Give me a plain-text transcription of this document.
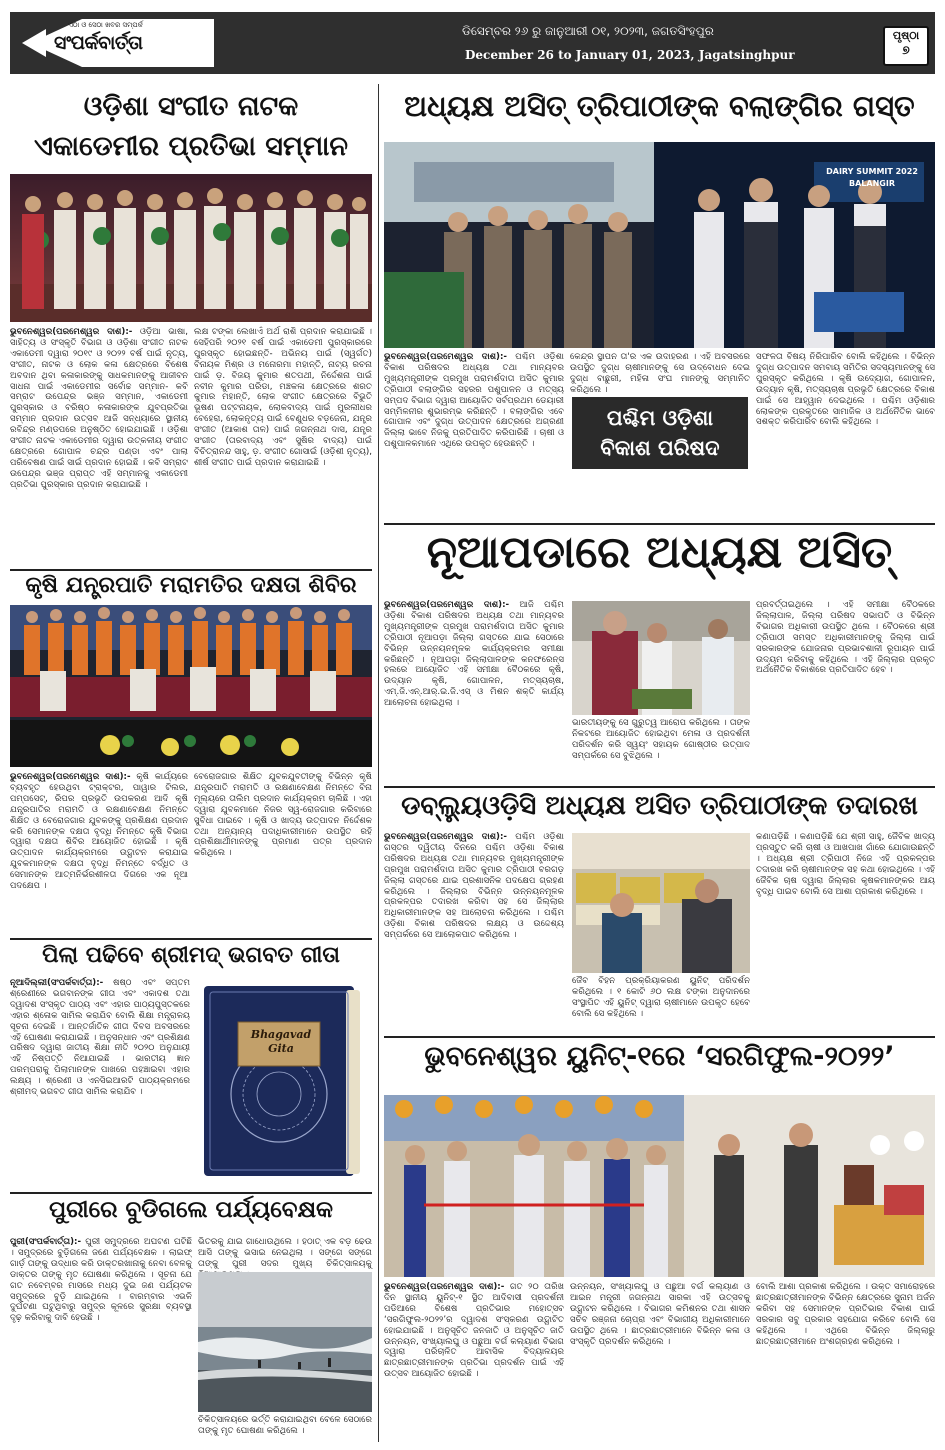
ଏଠା ଓ ସେଠା ଖବର ସମ୍ପର୍କ
ସଂପର୍କବାର୍ତ୍ତା
ଡିସେମ୍ବର ୨୬ ରୁ ଜାନୁଆରୀ ୦୧, ୨୦୨୩, ଜଗତସିଂହପୁର
December 26 to January 01, 2023, Jagatsinghpur
ପୃଷ୍ଠା
୭
ଓଡ଼ିଶା ସଂଗୀତ ନାଟକ
ଏକାଡେମୀର ପ୍ରତିଭା ସମ୍ମାନ
ଭୁବନେଶ୍ୱର(ପରମେଶ୍ୱର ଦାଶ):- ଓଡ଼ିଆ ଭାଷା, ସାହିତ୍ୟ ଓ ସଂସ୍କୃତି ବିଭାଗ ଓ ଓଡ଼ିଶା ସଂଗୀତ ନାଟକ ଏକାଡେମୀ ଦ୍ୱାରା ୨୦୧୯ ଓ ୨୦୨୨ ବର୍ଷ ପାଇଁ ନୃତ୍ୟ, ସଂଗୀତ, ନାଟକ ଓ ଲୋକ କଳା କ୍ଷେତ୍ରରେ ବିଶେଷ ଅବଦାନ ଥିବା କଳାକାରଙ୍କୁ ସାଧକମାନଙ୍କୁ ଆଜୀବନ ସାଧନା ପାଇଁ ଏକାଡେମୀର ସର୍ବୋଚ୍ଚ ସମ୍ମାନ- କବି ସମ୍ରାଟ ଉପେନ୍ଦ୍ର ଭଞ୍ଜ ସମ୍ମାନ, ଏକାଡେମୀ ପୁରସ୍କାର ଓ ବରିଷ୍ଠ କଳାକାରଙ୍କ ଯୁବପ୍ରତିଭା ସମ୍ମାନ ପ୍ରଦାନ ଉତ୍ସବ ଆଜି ସନ୍ଧ୍ୟାରେ ସ୍ଥାନୀୟ ରବିନ୍ଦ୍ର ମଣ୍ଡପରେ ଅନୁଷ୍ଠିତ ହୋଇଯାଇଛି । ଓଡ଼ିଶା ସଂଗୀତ ନାଟକ ଏକାଡେମୀର ଦ୍ୱାରା ଉତ୍କଳୀୟ ସଂଗୀତ କ୍ଷେତ୍ରରେ ଗୋପାଳ ଚନ୍ଦ୍ର ପଣ୍ଡା ଏବଂ ପାଲା ପରିବେଷଣ ପାଇଁ ସାଇଁ ପ୍ରଦାନ ହୋଇଛି । କବି ସମ୍ରାଟ ଉପେନ୍ଦ୍ର ଭଞ୍ଜ ପ୍ରାପ୍ତ ଏହି ସମ୍ମାନକୁ ଏକାଡେମୀ ପ୍ରତିଭା ପୁରସ୍କାର ପ୍ରଦାନ କରାଯାଇଛି ।
ଲକ୍ଷ ଟଙ୍କା ଲେଖାଏଁ ଅର୍ଥ ରାଶି ପ୍ରଦାନ କରାଯାଇଛି । ସେହିପରି ୨୦୨୧ ବର୍ଷ ପାଇଁ ଏକାଡେମୀ ପୁରସ୍କାରରେ ପୁରସ୍କୃତ ହୋଇଛନ୍ତି- ଅଭିନୟ ପାଇଁ (ସ୍ୱର୍ଗତ) ବିନାୟକ ମିଶ୍ର ଓ ମନୋରମା ମହାନ୍ତି, ନାଟ୍ୟ ରଚନା ପାଇଁ ଡ଼. ବିଜୟ କୁମାର ଶତପଥୀ, ନିର୍ଦ୍ଦେଶନା ପାଇଁ ନବୀନ କୁମାର ପରିଡା, ମଞ୍ଚକଳା କ୍ଷେତ୍ରରେ ଶରତ କୁମାର ମହାନ୍ତି, ଲୋକ ସଂଗୀତ କ୍ଷେତ୍ରରେ ବିଭୁତି ଭୂଷଣ ପଟ୍ଟନାୟକ, ଲୋକବାଦ୍ୟ ପାଇଁ ମୁରଲୀଧର ବେହେରା, ଲୋକନୃତ୍ୟ ପାଇଁ ବେଣୁଧର ବଡ଼ଜେନା, ଯନ୍ତ୍ର ସଂଗୀତ (ଆକାଶ ତାଳ) ପାଇଁ ଜଗନ୍ନାଥ ଦାସ, ଯନ୍ତ୍ର ସଂଗୀତ (ତାରବାଦ୍ୟ ଏବଂ ସୁଷିର ବାଦ୍ୟ) ପାଇଁ ବିଚିତ୍ରାନନ୍ଦ ସାହୁ, ଡ଼. ସଂଗୀତ ଗୋସାଇଁ (ଓଡ଼ିଶୀ ନୃତ୍ୟ), ଶୀର୍ଷ ସଂଗୀତ ପାଇଁ ପ୍ରଦାନ କରାଯାଇଛି ।
କୃଷି ଯନ୍ତ୍ରପାତି ମରାମତିର ଦକ୍ଷତା ଶିବିର
ଭୁବନେଶ୍ୱର(ପରମେଶ୍ୱର ଦାଶ):- କୃଷି କାର୍ଯ୍ୟରେ ବ୍ୟବହୃତ ହେଉଥିବା ଟ୍ରାକ୍ଟର, ପାୱାର ଟିଲର, ପମ୍ପସେଟ୍, ରିପର ପ୍ରଭୃତି ଉପକରଣ ଆଦି କୃଷି ଯନ୍ତ୍ରପାତିର ମରାମତି ଓ ରକ୍ଷଣାବେକ୍ଷଣ ନିମନ୍ତେ ଶିକ୍ଷିତ ଓ ବେରୋଜଗାର ଯୁବକଙ୍କୁ ପ୍ରଶିକ୍ଷଣ ପ୍ରଦାନ କରି ସେମାନଙ୍କ ଦକ୍ଷତା ବୃଦ୍ଧି ନିମନ୍ତେ କୃଷି ବିଭାଗ ଦ୍ୱାରା ଦକ୍ଷତା ଶିବିର ଆୟୋଜିତ ହୋଇଛି । କୃଷି ଉତ୍ପାଦନ କାର୍ଯ୍ୟକ୍ରମରେ ଉଦ୍ଘାଟନ କରାଯାଇ ଯୁବକମାନଙ୍କ ଦକ୍ଷତା ବୃଦ୍ଧି ନିମନ୍ତେ ବର୍ଦ୍ଧିତ ଓ ସେମାନଙ୍କ ଆତ୍ମନିର୍ଭରଶୀଳତା ଦିଗରେ ଏକ ନୂଆ ପଦକ୍ଷେପ ।
ବେରୋଜଗାର ଶିକ୍ଷିତ ଯୁବକଯୁବତୀଙ୍କୁ ବିଭିନ୍ନ କୃଷି ଯନ୍ତ୍ରପାତି ମରାମତି ଓ ରକ୍ଷଣାବେକ୍ଷଣ ନିମନ୍ତେ ବିନା ମୂଲ୍ୟରେ ତାଲିମ ପ୍ରଦାନ କାର୍ଯ୍ୟକ୍ରମ ଚାଲିଛି । ଏହା ଦ୍ୱାରା ଯୁବକମାନେ ନିଜର ସ୍ୱ-ରୋଜଗାର କରିବାରେ ସୁବିଧା ପାଇବେ । କୃଷି ଓ ଖାଦ୍ୟ ଉତ୍ପାଦନ ନିର୍ଦ୍ଦେଶକ ତଥା ଅନ୍ୟାନ୍ୟ ପଦାଧିକାରୀମାନେ ଉପସ୍ଥିତ ରହି ପ୍ରଶିକ୍ଷାର୍ଥୀମାନଙ୍କୁ ପ୍ରମାଣ ପତ୍ର ପ୍ରଦାନ କରିଥିଲେ ।
ପିଲା ପଢିବେ ଶ୍ରୀମଦ୍ ଭଗବତ ଗୀତା
ନୂଆଦିଲ୍ଲୀ(ସଂପର୍କବାର୍ତ୍ତା):- ଷଷ୍ଠ ଏବଂ ସପ୍ତମ ଶ୍ରେଣୀରେ ଭଗବାନଙ୍କ ଗୀତା ଏବଂ ଏକାଦଶ ତଥା ଦ୍ୱାଦଶ ସଂସ୍କୃତ ପାଠ୍ୟ ଏବଂ ଏହାର ପାଠ୍ୟପୁସ୍ତକରେ ଏହାର ଶ୍ଳୋକ ସାମିଲ କରାଯିବ ବୋଲି ଶିକ୍ଷା ମନ୍ତ୍ରାଳୟ ସୂଚନା ଦେଇଛି । ଆନ୍ତର୍ଜାତିକ ଗୀତା ଦିବସ ଅବସରରେ ଏହି ଘୋଷଣା କରାଯାଇଛି । ଅନୁସନ୍ଧାନ ଏବଂ ପ୍ରଶିକ୍ଷଣ ପରିଷଦ ଦ୍ୱାରା ଜାତୀୟ ଶିକ୍ଷା ନୀତି ୨୦୨୦ ଅନୁଯାୟୀ ଏହି ନିଷ୍ପତ୍ତି ନିଆଯାଇଛି । ଭାରତୀୟ ଜ୍ଞାନ ପରମ୍ପରାକୁ ପିଲାମାନଙ୍କ ପାଖରେ ପହଞ୍ଚାଇବା ଏହାର ଲକ୍ଷ୍ୟ । ଶ୍ରେଣୀ ଓ ଏନସିଇଆରଟି ପାଠ୍ୟକ୍ରମରେ ଶ୍ରୀମଦ୍ ଭଗବତ ଗୀତା ସାମିଲ କରାଯିବ ।
Bhagavad
Gita
ପୁରୀରେ ବୁଡିଗଲେ ପର୍ଯ୍ୟବେକ୍ଷକ
ପୁରୀ(ସଂପର୍କବାର୍ତ୍ତା):- ପୁରୀ ସମୁଦ୍ରରେ ଅଘଟଣ ଘଟିଛି । ସମୁଦ୍ରରେ ବୁଡ଼ିଗଲେ ଜଣେ ପର୍ଯ୍ୟବେକ୍ଷକ । ଲାଇଫ୍ ଗାର୍ଡ଼ ତାଙ୍କୁ ଉଦ୍ଧାର କରି ଡାକ୍ତରଖାନାକୁ ନେବା ବେଳକୁ ଡାକ୍ତର ତାଙ୍କୁ ମୃତ ଘୋଷଣା କରିଥିଲେ । ସୂଚନା ଯେ ଗତ ନବେମ୍ବର ମାସରେ ମଧ୍ୟ ଦୁଇ ଜଣ ପର୍ଯ୍ୟଟକ ସମୁଦ୍ରରେ ବୁଡ଼ି ଯାଇଥିଲେ । ବାରମ୍ବାର ଏଭଳି ଦୁର୍ଘଟଣା ଘଟୁଥିବାରୁ ସମୁଦ୍ର କୂଳରେ ସୁରକ୍ଷା ବ୍ୟବସ୍ଥା ଦୃଢ଼ କରିବାକୁ ଦାବି ହେଉଛି ।
ଭିତରକୁ ଯାଇ ଗାଧୋଉଥିଲେ । ହଠାତ୍ ଏକ ବଡ଼ ଢେଉ ଆସି ତାଙ୍କୁ ଭସାଇ ନେଇଥିଲା । ସଙ୍ଗେ ସଙ୍ଗେ ତାଙ୍କୁ ପୁରୀ ସଦର ମୁଖ୍ୟ ଚିକିତ୍ସାଳୟକୁ
ଚିକିତ୍ସାଳୟରେ ଭର୍ତ୍ତି କରାଯାଇଥିବା ବେଳେ ସେଠାରେ ତାଙ୍କୁ ମୃତ ଘୋଷଣା କରିଥିଲେ ।
ଅଧ୍ୟକ୍ଷ ଅସିତ୍ ତ୍ରିପାଠୀଙ୍କ ବଲାଙ୍ଗିର ଗସ୍ତ
DAIRY SUMMIT 2022 BALANGIR
ଭୁବନେଶ୍ୱର(ପରମେଶ୍ୱର ଦାଶ):- ପଶ୍ଚିମ ଓଡ଼ିଶା ବିକାଶ ପରିଷଦର ଅଧ୍ୟକ୍ଷ ତଥା ମାନ୍ୟବର ମୁଖ୍ୟମନ୍ତ୍ରୀଙ୍କ ପ୍ରମୁଖ ପରାମର୍ଶଦାତା ଅସିତ କୁମାର ତ୍ରିପାଠୀ ବଲାଙ୍ଗିର ସହରର ପଶୁପାଳନ ଓ ମତ୍ସ୍ୟ ସମ୍ପଦ ବିଭାଗ ଦ୍ୱାରା ଆୟୋଜିତ ସର୍ବପ୍ରଥମ ଡେୟାରୀ ସମ୍ମିଳନୀର ଶୁଭାରମ୍ଭ କରିଛନ୍ତି । ବଲାଙ୍ଗିର ଏବେ ଗୋପାଳ ଏବଂ ଦୁଗ୍ଧ ଉତ୍ପାଦନ କ୍ଷେତ୍ରରେ ଅଗ୍ରଣୀ ଜିଲ୍ଲା ଭାବେ ନିଜକୁ ପ୍ରତିପାଦିତ କରିପାରିଛି । ଚାଷୀ ଓ ପଶୁପାଳକମାନେ ଏଥିରେ ଉପକୃତ ହେଉଛନ୍ତି ।
କେନ୍ଦ୍ର ସ୍ଥାପନ ତା'ର ଏକ ଉଦାହରଣ । ଏହି ଅବସରରେ ଉପସ୍ଥିତ ଦୁଗ୍ଧ ଚାଷୀମାନଙ୍କୁ ସେ ଉଦ୍ବୋଧନ ଦେଇ ଦୁଗ୍ଧ ବାଛୁରୀ, ମହିଳା ସଂଘ ମାନଙ୍କୁ ସମ୍ମାନିତ କରିଥିଲେ ।
ପଶ୍ଚିମ ଓଡ଼ିଶା
ବିକାଶ ପରିଷଦ
ସଫଳତା ବିଷୟ ନିରିପାରିବ ବୋଲି କହିଥିଲେ । ବିଭିନ୍ନ ଦୁଗ୍ଧ ଉତ୍ପାଦନ ସମବାୟ ସମିତିର ସଦସ୍ୟମାନଙ୍କୁ ସେ ପୁରସ୍କୃତ କରିଥିଲେ । କୃଷି ଉଦ୍ୟୋଗ, ଗୋପାଳନ, ଉଦ୍ୟାନ କୃଷି, ମତ୍ସ୍ୟଚାଷ ପ୍ରଭୃତି କ୍ଷେତ୍ରରେ ବିକାଶ ପାଇଁ ସେ ଆହ୍ୱାନ ଦେଇଥିଲେ । ପଶ୍ଚିମ ଓଡ଼ିଶାର ଲୋକଙ୍କ ପ୍ରକୃତରେ ସାମାଜିକ ଓ ଅର୍ଥନୈତିକ ଭାବେ ସଶକ୍ତ କରିପାରିବ ବୋଲି କହିଥିଲେ ।
ନୂଆପଡାରେ ଅଧ୍ୟକ୍ଷ ଅସିତ୍
ଭୁବନେଶ୍ୱର(ପରମେଶ୍ୱର ଦାଶ):- ଆଜି ପଶ୍ଚିମ ଓଡ଼ିଶା ବିକାଶ ପରିଷଦର ଅଧ୍ୟକ୍ଷ ତଥା ମାନ୍ୟବର ମୁଖ୍ୟମନ୍ତ୍ରୀଙ୍କ ପ୍ରମୁଖ ପରାମର୍ଶଦାତା ଅସିତ କୁମାର ତ୍ରିପାଠୀ ନୂଆପଡ଼ା ଜିଲ୍ଲା ଗସ୍ତରେ ଯାଇ ସେଠାରେ ବିଭିନ୍ନ ଉନ୍ନୟନମୂଳକ କାର୍ଯ୍ୟକ୍ରମର ସମୀକ୍ଷା କରିଛନ୍ତି । ନୂଆପଡ଼ା ଜିଲ୍ଲାପାଳଙ୍କ କନଫରେନ୍ସ ହଲରେ ଆୟୋଜିତ ଏହି ସମୀକ୍ଷା ବୈଠକରେ କୃଷି, ଉଦ୍ୟାନ କୃଷି, ଗୋପାଳନ, ମତ୍ସ୍ୟଚାଷ, ଏମ୍.ଜି.ଏନ୍.ଆର୍.ଇ.ଜି.ଏସ୍ ଓ ମିଶନ ଶକ୍ତି କାର୍ଯ୍ୟ ଆଲୋଚନା ହୋଇଥିଲା ।
ଭାରତୀୟଙ୍କୁ ସେ ଗୁରୁତ୍ୱ ଆରୋପ କରିଥିଲେ । ତାଙ୍କ ନିକଟରେ ଆୟୋଜିତ ହୋଇଥିବା ମେଳା ଓ ପ୍ରଦର୍ଶନୀ ପରିଦର୍ଶନ କରି ସ୍ୱୟଂ ସହାୟକ ଗୋଷ୍ଠୀର ଉତ୍ପାଦ ସମ୍ପର୍କରେ ସେ ବୁଝିଥିଲେ ।
ପ୍ରବର୍ତ୍ତାଇଥିଲେ । ଏହି ସମୀକ୍ଷା ବୈଠକରେ ଜିଲ୍ଲାପାଳ, ଜିଲ୍ଲା ପରିଷଦ ସଭାପତି ଓ ବିଭିନ୍ନ ବିଭାଗର ଅଧିକାରୀ ଉପସ୍ଥିତ ଥିଲେ । ବୈଠକରେ ଶ୍ରୀ ତ୍ରିପାଠୀ ସମସ୍ତ ଅଧିକାରୀମାନଙ୍କୁ ଜିଲ୍ଲା ପାଇଁ ସରକାରଙ୍କ ଯୋଜନାର ପ୍ରଭାବଶାଳୀ ରୂପାୟନ ପାଇଁ ଉଦ୍ୟମ କରିବାକୁ କହିଥିଲେ । ଏହି ଜିଲ୍ଲାର ପ୍ରକୃତ ଅର୍ଥନୈତିକ ବିକାଶରେ ପ୍ରତିପାଦିତ ହେବ ।
ଡବ୍ଲ୍ୟୁଓଡ଼ିସି ଅଧ୍ୟକ୍ଷ ଅସିତ ତ୍ରିପାଠୀଙ୍କ ତଦାରଖ
ଭୁବନେଶ୍ୱର(ପରମେଶ୍ୱର ଦାଶ):- ପଶ୍ଚିମ ଓଡ଼ିଶା ଗସ୍ତର ଦ୍ୱିତୀୟ ଦିନରେ ପଶ୍ଚିମ ଓଡ଼ିଶା ବିକାଶ ପରିଷଦର ଅଧ୍ୟକ୍ଷ ତଥା ମାନ୍ୟବର ମୁଖ୍ୟମନ୍ତ୍ରୀଙ୍କ ପ୍ରମୁଖ ପରାମର୍ଶଦାତା ଅସିତ କୁମାର ତ୍ରିପାଠୀ ବରଗଡ଼ ଜିଲ୍ଲା ଗସ୍ତରେ ଯାଇ ପ୍ରଶାସନିକ ପଦକ୍ଷେପ ଗ୍ରହଣ କରିଥିଲେ । ଜିଲ୍ଲାର ବିଭିନ୍ନ ଉନ୍ନୟନମୂଳକ ପ୍ରକଳ୍ପର ତଦାରଖ କରିବା ସହ ସେ ଜିଲ୍ଲାର ଅଧିକାରୀମାନଙ୍କ ସହ ଆଲୋଚନା କରିଥିଲେ । ପଶ୍ଚିମ ଓଡ଼ିଶା ବିକାଶ ପରିଷଦର ଲକ୍ଷ୍ୟ ଓ ଉଦ୍ଦେଶ୍ୟ ସମ୍ପର୍କରେ ସେ ଆଲୋକପାତ କରିଥିଲେ ।
ଜୈବ ବିହନ ପ୍ରକ୍ରିୟାକରଣ ୟୁନିଟ୍ ପରିଦର୍ଶନ କରିଥିଲେ । ୧ କୋଟି ୬୦ ଲକ୍ଷ ଟଙ୍କା ଅନୁଦାନରେ ସଂସ୍ଥାପିତ ଏହି ୟୁନିଟ୍ ଦ୍ୱାରା ଚାଷୀମାନେ ଉପକୃତ ହେବେ ବୋଲି ସେ କହିଥିଲେ ।
କଣାପଡ଼ିଛି । କଣାପଡ଼ିଛି ଯେ ଶ୍ରୀ ସାହୁ, ଜୈବିକ ଖାଦ୍ୟ ପ୍ରସ୍ତୁତ କରି ଚାଷୀ ଓ ଆଖପାଖ ଗାଁରେ ଯୋଗାଉଛନ୍ତି । ଅଧ୍ୟକ୍ଷ ଶ୍ରୀ ତ୍ରିପାଠୀ ନିଜେ ଏହି ପ୍ରକଳ୍ପର ତଦାରଖ କରି ଚାଷୀମାନଙ୍କ ସହ କଥା ହୋଇଥିଲେ । ଏହି ଜୈବିକ ଚାଷ ଦ୍ୱାରା ଜିଲ୍ଲାର କୃଷକମାନଙ୍କର ଆୟ ବୃଦ୍ଧି ପାଇବ ବୋଲି ସେ ଆଶା ପ୍ରକାଶ କରିଥିଲେ ।
ଭୁବନେଶ୍ୱର ୟୁନିଟ୍-୧ରେ ‘ସରଗିଫୁଲ-୨୦୨୨’
ଭୁବନେଶ୍ୱର(ପରମେଶ୍ୱର ଦାଶ):- ଗତ ୨୦ ତାରିଖ ଦିନ ସ୍ଥାନୀୟ ୟୁନିଟ୍-୧ ସ୍ଥିତ ଆଦିବାସୀ ପ୍ରଦର୍ଶନୀ ପଡିଆରେ ବିଶେଷ ପ୍ରତିଭାର ମହୋତ୍ସବ ‘ସରଗିଫୁଲ-୨୦୨୨’ର ଦ୍ୱାଦଶ ସଂସ୍କରଣ ଉଦ୍ଘାଟିତ ହୋଇଯାଇଛି । ଅନୁସୂଚିତ ଜନଜାତି ଓ ଅନୁସୂଚିତ ଜାତି ଉନ୍ନୟନ, ସଂଖ୍ୟାଲଘୁ ଓ ପଛୁଆ ବର୍ଗ କଲ୍ୟାଣ ବିଭାଗ ଦ୍ୱାରା ପରିଚାଳିତ ଆବାସିକ ବିଦ୍ୟାଳୟର ଛାତ୍ରଛାତ୍ରୀମାନଙ୍କ ପ୍ରତିଭା ପ୍ରଦର୍ଶନ ପାଇଁ ଏହି ଉତ୍ସବ ଆୟୋଜିତ ହୋଇଛି ।
ଉନ୍ନୟନ, ସଂଖ୍ୟାଲଘୁ ଓ ପଛୁଆ ବର୍ଗ କଲ୍ୟାଣ ଓ ଆଇନ ମନ୍ତ୍ରୀ ଜଗନ୍ନାଥ ସାରକା ଏହି ଉତ୍ସବକୁ ଉଦ୍ଘାଟନ କରିଥିଲେ । ବିଭାଗର କମିଶନର ତଥା ଶାସନ ସଚିବ ରଞ୍ଜନା ଚୋପ୍ରା ଏବଂ ବିଭାଗୀୟ ଅଧିକାରୀମାନେ ଉପସ୍ଥିତ ଥିଲେ । ଛାତ୍ରଛାତ୍ରୀମାନେ ବିଭିନ୍ନ କଳା ଓ ସଂସ୍କୃତି ପ୍ରଦର୍ଶନ କରିଥିଲେ ।
ବୋଲି ଆଶା ପ୍ରକାଶ କରିଥିଲେ । ଉକ୍ତ ସମାରୋହରେ ଛାତ୍ରଛାତ୍ରୀମାନଙ୍କ ବିଭିନ୍ନ କ୍ଷେତ୍ରରେ ସୁନାମ ଅର୍ଜନ କରିବା ସହ ସେମାନଙ୍କ ପ୍ରତିଭାର ବିକାଶ ପାଇଁ ସରକାର ସବୁ ପ୍ରକାର ସହଯୋଗ କରିବେ ବୋଲି ସେ କହିଥିଲେ । ଏଥିରେ ବିଭିନ୍ନ ଜିଲ୍ଲାରୁ ଛାତ୍ରଛାତ୍ରୀମାନେ ଅଂଶଗ୍ରହଣ କରିଥିଲେ ।
